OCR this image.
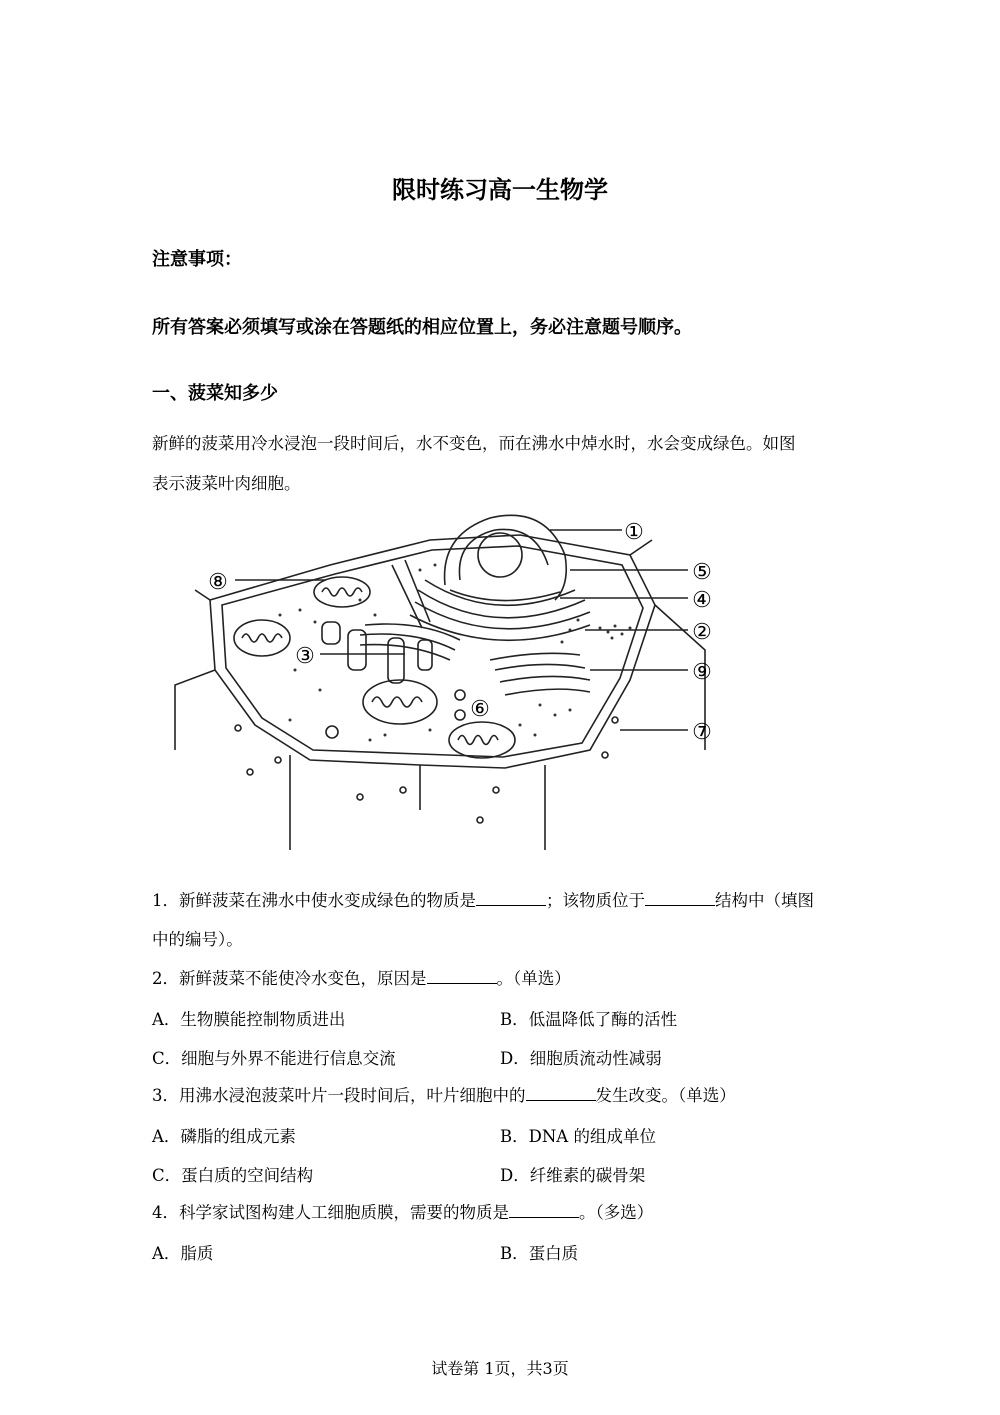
限时练习高一生物学
注意事项：
所有答案必须填写或涂在答题纸的相应位置上，务必注意题号顺序。
一、菠菜知多少
新鲜的菠菜用冷水浸泡一段时间后，水不变色，而在沸水中焯水时，水会变成绿色。如图
表示菠菜叶肉细胞。
①
②
③
④
⑤
⑥
⑦
⑧
⑨
1．新鲜菠菜在沸水中使水变成绿色的物质是	；该物质位于	结构中（填图
中的编号）。
2．新鲜菠菜不能使冷水变色，原因是	。（单选）
A．生物膜能控制物质进出	B．低温降低了酶的活性
C．细胞与外界不能进行信息交流	D．细胞质流动性减弱
3．用沸水浸泡菠菜叶片一段时间后，叶片细胞中的	发生改变。（单选）
A．磷脂的组成元素	B．DNA 的组成单位
C．蛋白质的空间结构	D．纤维素的碳骨架
4．科学家试图构建人工细胞质膜，需要的物质是	。（多选）
A．脂质	B．蛋白质
试卷第 1页，共3页
